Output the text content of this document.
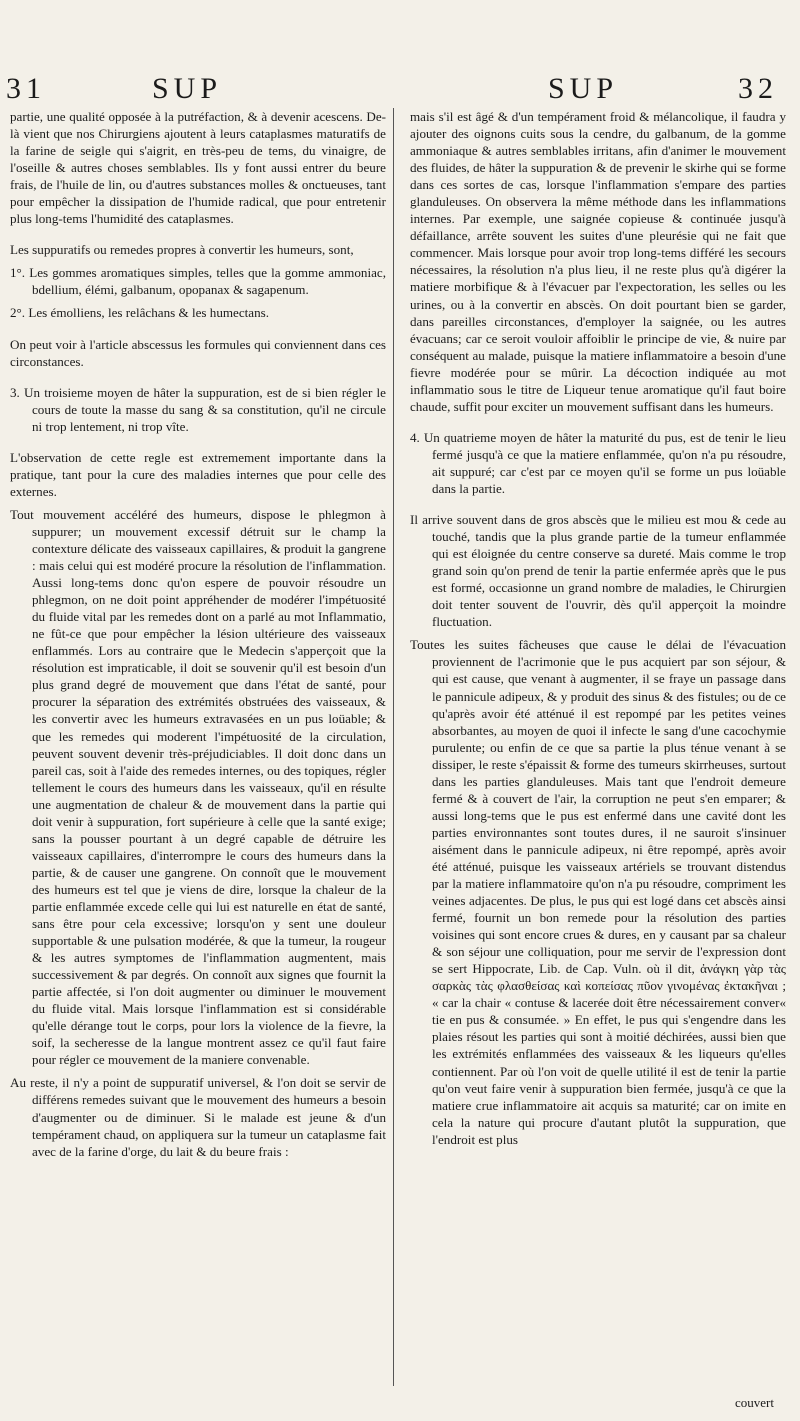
31	SUP	SUP	32

partie, une qualité opposée à la putréfaction, & à devenir acescens. De-là vient que nos Chirurgiens ajoutent à leurs cataplasmes maturatifs de la farine de seigle qui s'aigrit, en très-peu de tems, du vinaigre, de l'oseille & autres choses semblables. Ils y font aussi entrer du beure frais, de l'huile de lin, ou d'autres substances molles & onctueuses, tant pour empêcher la dissipation de l'humide radical, que pour entretenir plus long-tems l'humidité des cataplasmes.

Les suppuratifs ou remedes propres à convertir les humeurs, sont,

1°. Les gommes aromatiques simples, telles que la gomme ammoniac, bdellium, élémi, galbanum, opopanax & sagapenum.

2°. Les émolliens, les relâchans & les humectans.

On peut voir à l'article abscessus les formules qui conviennent dans ces circonstances.

3. Un troisieme moyen de hâter la suppuration, est de si bien régler le cours de toute la masse du sang & sa constitution, qu'il ne circule ni trop lentement, ni trop vîte.

L'observation de cette regle est extremement importante dans la pratique, tant pour la cure des maladies internes que pour celle des externes.

Tout mouvement accéléré des humeurs, dispose le phlegmon à suppurer; un mouvement excessif détruit sur le champ la contexture délicate des vaisseaux capillaires, & produit la gangrene : mais celui qui est modéré procure la résolution de l'inflammation. Aussi long-tems donc qu'on espere de pouvoir résoudre un phlegmon, on ne doit point appréhender de modérer l'impétuosité du fluide vital par les remedes dont on a parlé au mot Inflammatio, ne fût-ce que pour empêcher la lésion ultérieure des vaisseaux enflammés. Lors au contraire que le Medecin s'apperçoit que la résolution est impraticable, il doit se souvenir qu'il est besoin d'un plus grand degré de mouvement que dans l'état de santé, pour procurer la séparation des extrémités obstruées des vaisseaux, & les convertir avec les humeurs extravasées en un pus loüable; & que les remedes qui moderent l'impétuosité de la circulation, peuvent souvent devenir très-préjudiciables. Il doit donc dans un pareil cas, soit à l'aide des remedes internes, ou des topiques, régler tellement le cours des humeurs dans les vaisseaux, qu'il en résulte une augmentation de chaleur & de mouvement dans la partie qui doit venir à suppuration, fort supérieure à celle que la santé exige; sans la pousser pourtant à un degré capable de détruire les vaisseaux capillaires, d'interrompre le cours des humeurs dans la partie, & de causer une gangrene. On connoît que le mouvement des humeurs est tel que je viens de dire, lorsque la chaleur de la partie enflammée excede celle qui lui est naturelle en état de santé, sans être pour cela excessive; lorsqu'on y sent une douleur supportable & une pulsation modérée, & que la tumeur, la rougeur & les autres symptomes de l'inflammation augmentent, mais successivement & par degrés. On connoît aux signes que fournit la partie affectée, si l'on doit augmenter ou diminuer le mouvement du fluide vital. Mais lorsque l'inflammation est si considérable qu'elle dérange tout le corps, pour lors la violence de la fievre, la soif, la secheresse de la langue montrent assez ce qu'il faut faire pour régler ce mouvement de la maniere convenable.

Au reste, il n'y a point de suppuratif universel, & l'on doit se servir de différens remedes suivant que le mouvement des humeurs a besoin d'augmenter ou de diminuer. Si le malade est jeune & d'un tempérament chaud, on appliquera sur la tumeur un cataplasme fait avec de la farine d'orge, du lait & du beure frais :

mais s'il est âgé & d'un tempérament froid & mélancolique, il faudra y ajouter des oignons cuits sous la cendre, du galbanum, de la gomme ammoniaque & autres semblables irritans, afin d'animer le mouvement des fluides, de hâter la suppuration & de prevenir le skirhe qui se forme dans ces sortes de cas, lorsque l'inflammation s'empare des parties glanduleuses. On observera la même méthode dans les inflammations internes. Par exemple, une saignée copieuse & continuée jusqu'à défaillance, arrête souvent les suites d'une pleurésie qui ne fait que commencer. Mais lorsque pour avoir trop long-tems différé les secours nécessaires, la résolution n'a plus lieu, il ne reste plus qu'à digérer la matiere morbifique & à l'évacuer par l'expectoration, les selles ou les urines, ou à la convertir en abscès. On doit pourtant bien se garder, dans pareilles circonstances, d'employer la saignée, ou les autres évacuans; car ce seroit vouloir affoiblir le principe de vie, & nuire par conséquent au malade, puisque la matiere inflammatoire a besoin d'une fievre modérée pour se mûrir. La décoction indiquée au mot inflammatio sous le titre de Liqueur tenue aromatique qu'il faut boire chaude, suffit pour exciter un mouvement suffisant dans les humeurs.

4. Un quatrieme moyen de hâter la maturité du pus, est de tenir le lieu fermé jusqu'à ce que la matiere enflammée, qu'on n'a pu résoudre, ait suppuré; car c'est par ce moyen qu'il se forme un pus loüable dans la partie.

Il arrive souvent dans de gros abscès que le milieu est mou & cede au touché, tandis que la plus grande partie de la tumeur enflammée qui est éloignée du centre conserve sa dureté. Mais comme le trop grand soin qu'on prend de tenir la partie enfermée après que le pus est formé, occasionne un grand nombre de maladies, le Chirurgien doit tenter souvent de l'ouvrir, dès qu'il apperçoit la moindre fluctuation.

Toutes les suites fâcheuses que cause le délai de l'évacuation proviennent de l'acrimonie que le pus acquiert par son séjour, & qui est cause, que venant à augmenter, il se fraye un passage dans le pannicule adipeux, & y produit des sinus & des fistules; ou de ce qu'après avoir été atténué il est repompé par les petites veines absorbantes, au moyen de quoi il infecte le sang d'une cacochymie purulente; ou enfin de ce que sa partie la plus ténue venant à se dissiper, le reste s'épaissit & forme des tumeurs skirrheuses, surtout dans les parties glanduleuses. Mais tant que l'endroit demeure fermé & à couvert de l'air, la corruption ne peut s'en emparer; & aussi long-tems que le pus est enfermé dans une cavité dont les parties environnantes sont toutes dures, il ne sauroit s'insinuer aisément dans le pannicule adipeux, ni être repompé, après avoir été atténué, puisque les vaisseaux artériels se trouvant distendus par la matiere inflammatoire qu'on n'a pu résoudre, compriment les veines adjacentes. De plus, le pus qui est logé dans cet abscès ainsi fermé, fournit un bon remede pour la résolution des parties voisines qui sont encore crues & dures, en y causant par sa chaleur & son séjour une colliquation, pour me servir de l'expression dont se sert Hippocrate, Lib. de Cap. Vuln. où il dit, ἀνάγκη γὰρ τὰς σαρκὰς τὰς φλασθείσας καὶ κοπείσας πῦον γινομένας ἐκτακῆναι ; « car la chair « contuse & lacerée doit être nécessairement conver« tie en pus & consumée. » En effet, le pus qui s'engendre dans les plaies résout les parties qui sont à moitié déchirées, aussi bien que les extrémités enflammées des vaisseaux & les liqueurs qu'elles contiennent. Par où l'on voit de quelle utilité il est de tenir la partie qu'on veut faire venir à suppuration bien fermée, jusqu'à ce que la matiere crue inflammatoire ait acquis sa maturité; car on imite en cela la nature qui procure d'autant plutôt la suppuration, que l'endroit est plus

couvert
